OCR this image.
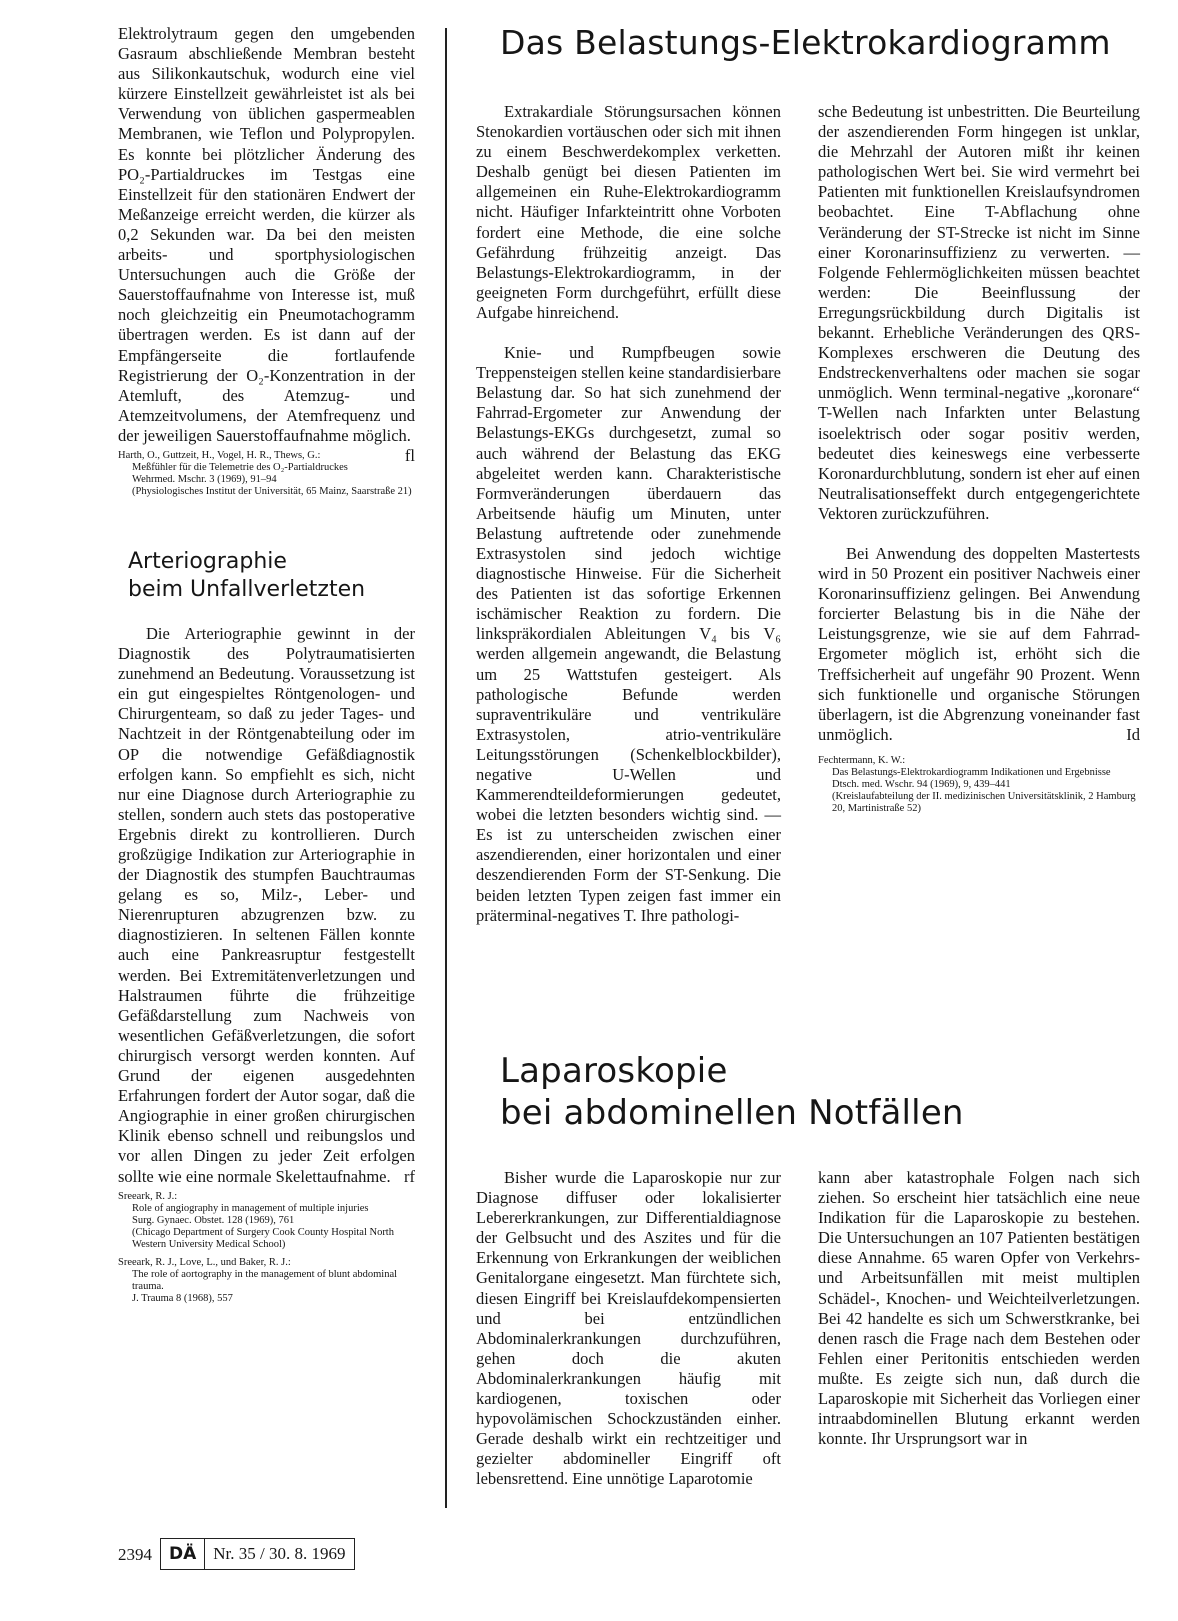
Elektrolytraum gegen den umgebenden Gasraum abschließende Membran besteht aus Silikonkautschuk, wodurch eine viel kürzere Einstellzeit gewährleistet ist als bei Verwendung von üblichen gaspermeablen Membranen, wie Teflon und Polypropylen. Es konnte bei plötzlicher Änderung des PO₂-Partialdruckes im Testgas eine Einstellzeit für den stationären Endwert der Meßanzeige erreicht werden, die kürzer als 0,2 Sekunden war. Da bei den meisten arbeits- und sportphysiologischen Untersuchungen auch die Größe der Sauerstoffaufnahme von Interesse ist, muß noch gleichzeitig ein Pneumotachogramm übertragen werden. Es ist dann auf der Empfängerseite die fortlaufende Registrierung der O₂-Konzentration in der Atemluft, des Atemzug- und Atemzeitvolumens, der Atemfrequenz und der jeweiligen Sauerstoffaufnahme möglich.
fl

Harth, O., Guttzeit, H., Vogel, H. R., Thews, G.:

Meßfühler für die Telemetrie des O₂-Partialdruckes

Wehrmed. Mschr. 3 (1969), 91–94

(Physiologisches Institut der Universität, 65 Mainz, Saarstraße 21)

Arteriographie
beim Unfallverletzten

Die Arteriographie gewinnt in der Diagnostik des Polytraumatisierten zunehmend an Bedeutung. Voraussetzung ist ein gut eingespieltes Röntgenologen- und Chirurgenteam, so daß zu jeder Tages- und Nachtzeit in der Röntgenabteilung oder im OP die notwendige Gefäßdiagnostik erfolgen kann. So empfiehlt es sich, nicht nur eine Diagnose durch Arteriographie zu stellen, sondern auch stets das postoperative Ergebnis direkt zu kontrollieren. Durch großzügige Indikation zur Arteriographie in der Diagnostik des stumpfen Bauchtraumas gelang es so, Milz-, Leber- und Nierenrupturen abzugrenzen bzw. zu diagnostizieren. In seltenen Fällen konnte auch eine Pankreasruptur festgestellt werden. Bei Extremitätenverletzungen und Halstraumen führte die frühzeitige Gefäßdarstellung zum Nachweis von wesentlichen Gefäßverletzungen, die sofort chirurgisch versorgt werden konnten. Auf Grund der eigenen ausgedehnten Erfahrungen fordert der Autor sogar, daß die Angiographie in einer großen chirurgischen Klinik ebenso schnell und reibungslos und vor allen Dingen zu jeder Zeit erfolgen sollte wie eine normale Skelettaufnahme. rf

Sreeark, R. J.:

Role of angiography in management of multiple injuries

Surg. Gynaec. Obstet. 128 (1969), 761

(Chicago Department of Surgery Cook County Hospital North Western University Medical School)

Sreeark, R. J., Love, L., und Baker, R. J.:

The role of aortography in the management of blunt abdominal trauma.

J. Trauma 8 (1968), 557

Das Belastungs-Elektrokardiogramm

Extrakardiale Störungsursachen können Stenokardien vortäuschen oder sich mit ihnen zu einem Beschwerdekomplex verketten. Deshalb genügt bei diesen Patienten im allgemeinen ein Ruhe-Elektrokardiogramm nicht. Häufiger Infarkteintritt ohne Vorboten fordert eine Methode, die eine solche Gefährdung frühzeitig anzeigt. Das Belastungs-Elektrokardiogramm, in der geeigneten Form durchgeführt, erfüllt diese Aufgabe hinreichend.

Knie- und Rumpfbeugen sowie Treppensteigen stellen keine standardisierbare Belastung dar. So hat sich zunehmend der Fahrrad-Ergometer zur Anwendung der Belastungs-EKGs durchgesetzt, zumal so auch während der Belastung das EKG abgeleitet werden kann. Charakteristische Formveränderungen überdauern das Arbeitsende häufig um Minuten, unter Belastung auftretende oder zunehmende Extrasystolen sind jedoch wichtige diagnostische Hinweise. Für die Sicherheit des Patienten ist das sofortige Erkennen ischämischer Reaktion zu fordern. Die linkspräkordialen Ableitungen V₄ bis V₆ werden allgemein angewandt, die Belastung um 25 Wattstufen gesteigert. Als pathologische Befunde werden supraventrikuläre und ventrikuläre Extrasystolen, atrio-ventrikuläre Leitungsstörungen (Schenkelblockbilder), negative U-Wellen und Kammerendteildeformierungen gedeutet, wobei die letzten besonders wichtig sind. — Es ist zu unterscheiden zwischen einer aszendierenden, einer horizontalen und einer deszendierenden Form der ST-Senkung. Die beiden letzten Typen zeigen fast immer ein präterminal-negatives T. Ihre pathologi-

sche Bedeutung ist unbestritten. Die Beurteilung der aszendierenden Form hingegen ist unklar, die Mehrzahl der Autoren mißt ihr keinen pathologischen Wert bei. Sie wird vermehrt bei Patienten mit funktionellen Kreislaufsyndromen beobachtet. Eine T-Abflachung ohne Veränderung der ST-Strecke ist nicht im Sinne einer Koronarinsuffizienz zu verwerten. — Folgende Fehlermöglichkeiten müssen beachtet werden: Die Beeinflussung der Erregungsrückbildung durch Digitalis ist bekannt. Erhebliche Veränderungen des QRS-Komplexes erschweren die Deutung des Endstreckenverhaltens oder machen sie sogar unmöglich. Wenn terminal-negative „koronare“ T-Wellen nach Infarkten unter Belastung isoelektrisch oder sogar positiv werden, bedeutet dies keineswegs eine verbesserte Koronardurchblutung, sondern ist eher auf einen Neutralisationseffekt durch entgegengerichtete Vektoren zurückzuführen.

Bei Anwendung des doppelten Mastertests wird in 50 Prozent ein positiver Nachweis einer Koronarinsuffizienz gelingen. Bei Anwendung forcierter Belastung bis in die Nähe der Leistungsgrenze, wie sie auf dem Fahrrad-Ergometer möglich ist, erhöht sich die Treffsicherheit auf ungefähr 90 Prozent. Wenn sich funktionelle und organische Störungen überlagern, ist die Abgrenzung voneinander fast unmöglich.	Id

Fechtermann, K. W.:

Das Belastungs-Elektrokardiogramm Indikationen und Ergebnisse

Dtsch. med. Wschr. 94 (1969), 9, 439–441

(Kreislaufabteilung der II. medizinischen Universitätsklinik, 2 Hamburg 20, Martinistraße 52)

Laparoskopie
bei abdominellen Notfällen

Bisher wurde die Laparoskopie nur zur Diagnose diffuser oder lokalisierter Lebererkrankungen, zur Differentialdiagnose der Gelbsucht und des Aszites und für die Erkennung von Erkrankungen der weiblichen Genitalorgane eingesetzt. Man fürchtete sich, diesen Eingriff bei Kreislaufdekompensierten und bei entzündlichen Abdominalerkrankungen durchzuführen, gehen doch die akuten Abdominalerkrankungen häufig mit kardiogenen, toxischen oder hypovolämischen Schockzuständen einher. Gerade deshalb wirkt ein rechtzeitiger und gezielter abdomineller Eingriff oft lebensrettend. Eine unnötige Laparotomie

kann aber katastrophale Folgen nach sich ziehen. So erscheint hier tatsächlich eine neue Indikation für die Laparoskopie zu bestehen. Die Untersuchungen an 107 Patienten bestätigen diese Annahme. 65 waren Opfer von Verkehrs- und Arbeitsunfällen mit meist multiplen Schädel-, Knochen- und Weichteilverletzungen. Bei 42 handelte es sich um Schwerstkranke, bei denen rasch die Frage nach dem Bestehen oder Fehlen einer Peritonitis entschieden werden mußte. Es zeigte sich nun, daß durch die Laparoskopie mit Sicherheit das Vorliegen einer intraabdominellen Blutung erkannt werden konnte. Ihr Ursprungsort war in

2394	DÄ	Nr. 35 / 30. 8. 1969
